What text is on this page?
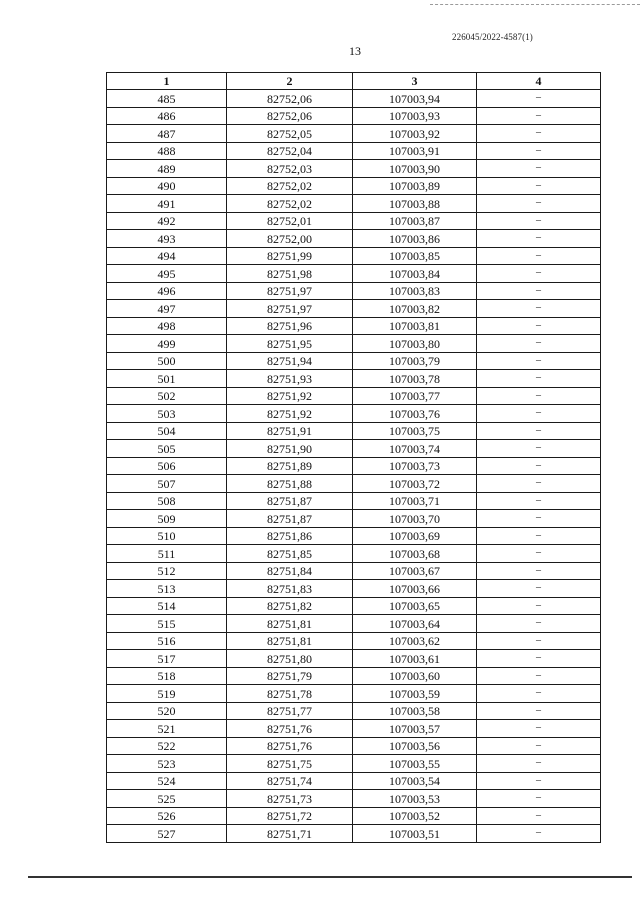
226045/2022-4587(1)
13
1	2	3	4
485	82752,06	107003,94	–
486	82752,06	107003,93	–
487	82752,05	107003,92	–
488	82752,04	107003,91	–
489	82752,03	107003,90	–
490	82752,02	107003,89	–
491	82752,02	107003,88	–
492	82752,01	107003,87	–
493	82752,00	107003,86	–
494	82751,99	107003,85	–
495	82751,98	107003,84	–
496	82751,97	107003,83	–
497	82751,97	107003,82	–
498	82751,96	107003,81	–
499	82751,95	107003,80	–
500	82751,94	107003,79	–
501	82751,93	107003,78	–
502	82751,92	107003,77	–
503	82751,92	107003,76	–
504	82751,91	107003,75	–
505	82751,90	107003,74	–
506	82751,89	107003,73	–
507	82751,88	107003,72	–
508	82751,87	107003,71	–
509	82751,87	107003,70	–
510	82751,86	107003,69	–
511	82751,85	107003,68	–
512	82751,84	107003,67	–
513	82751,83	107003,66	–
514	82751,82	107003,65	–
515	82751,81	107003,64	–
516	82751,81	107003,62	–
517	82751,80	107003,61	–
518	82751,79	107003,60	–
519	82751,78	107003,59	–
520	82751,77	107003,58	–
521	82751,76	107003,57	–
522	82751,76	107003,56	–
523	82751,75	107003,55	–
524	82751,74	107003,54	–
525	82751,73	107003,53	–
526	82751,72	107003,52	–
527	82751,71	107003,51	–
